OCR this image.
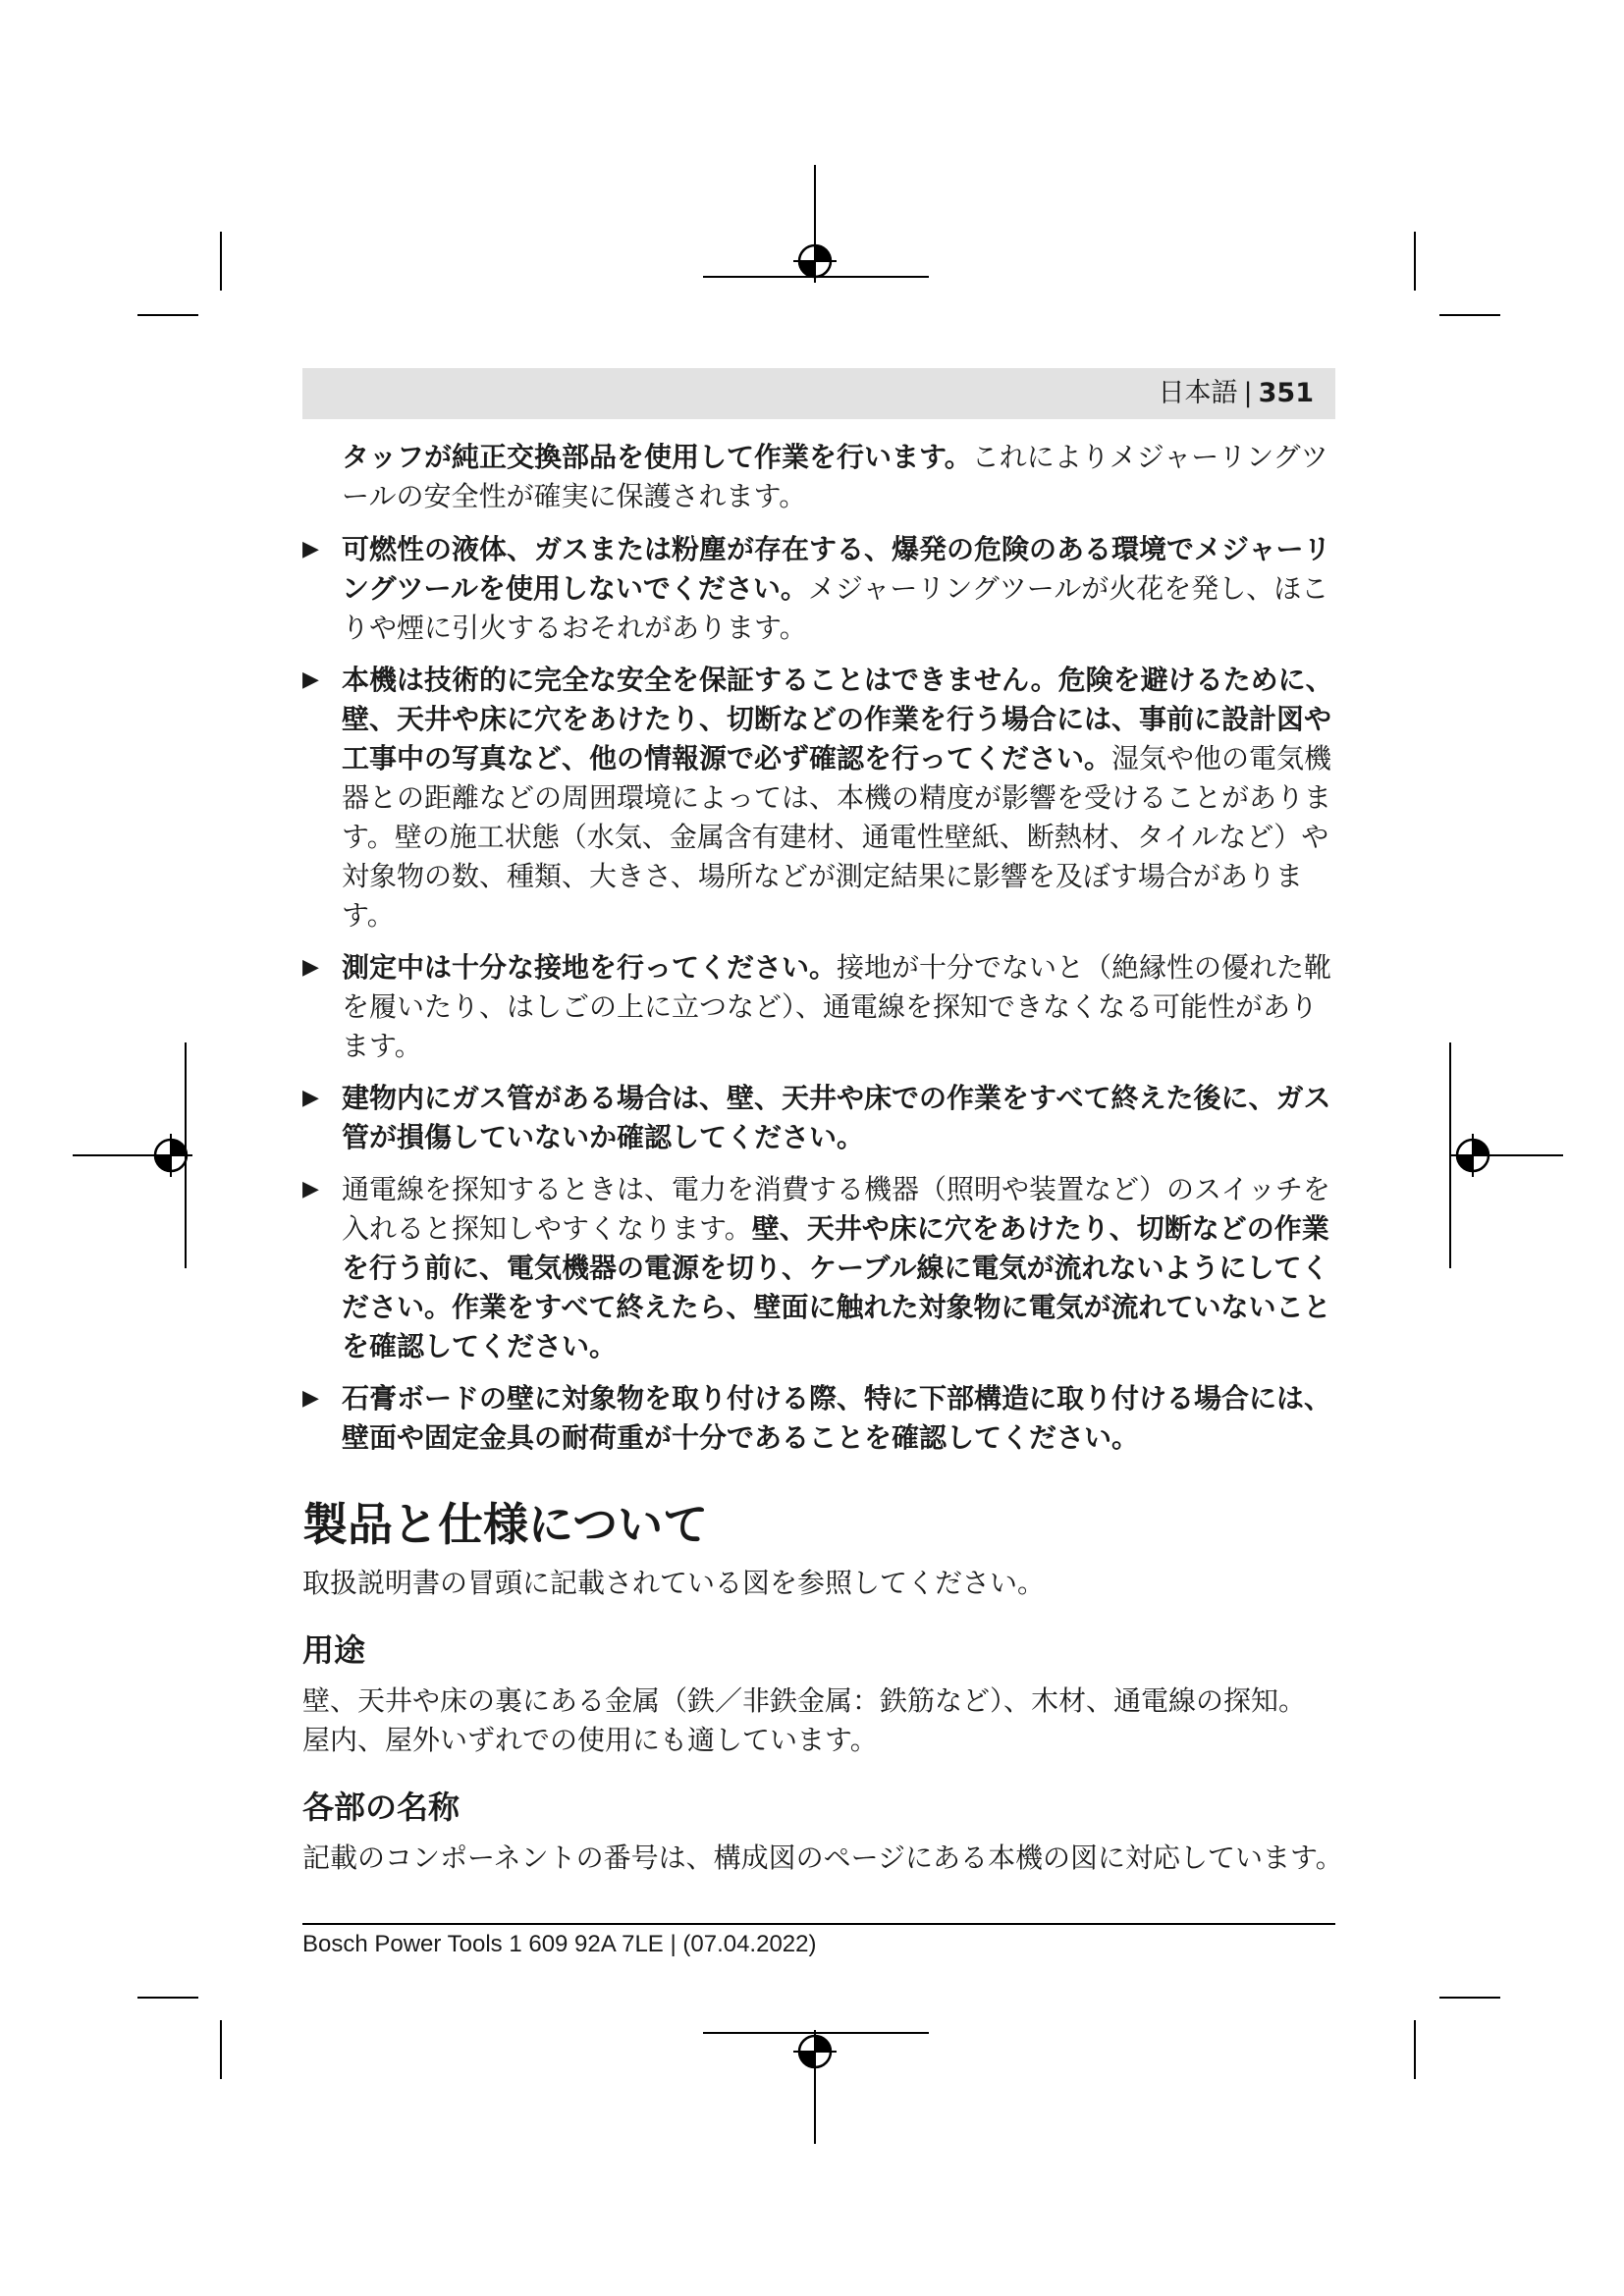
日本語 | 351

タッフが純正交換部品を使用して作業を行います。これによりメジャーリングツールの安全性が確実に保護されます。

▶ 可燃性の液体、ガスまたは粉塵が存在する、爆発の危険のある環境でメジャーリングツールを使用しないでください。メジャーリングツールが火花を発し、ほこりや煙に引火するおそれがあります。
▶ 本機は技術的に完全な安全を保証することはできません。危険を避けるために、壁、天井や床に穴をあけたり、切断などの作業を行う場合には、事前に設計図や工事中の写真など、他の情報源で必ず確認を行ってください。湿気や他の電気機器との距離などの周囲環境によっては、本機の精度が影響を受けることがあります。壁の施工状態（水気、金属含有建材、通電性壁紙、断熱材、タイルなど）や対象物の数、種類、大きさ、場所などが測定結果に影響を及ぼす場合があります。
▶ 測定中は十分な接地を行ってください。接地が十分でないと（絶縁性の優れた靴を履いたり、はしごの上に立つなど）、通電線を探知できなくなる可能性があります。
▶ 建物内にガス管がある場合は、壁、天井や床での作業をすべて終えた後に、ガス管が損傷していないか確認してください。
▶ 通電線を探知するときは、電力を消費する機器（照明や装置など）のスイッチを入れると探知しやすくなります。壁、天井や床に穴をあけたり、切断などの作業を行う前に、電気機器の電源を切り、ケーブル線に電気が流れないようにしてください。作業をすべて終えたら、壁面に触れた対象物に電気が流れていないことを確認してください。
▶ 石膏ボードの壁に対象物を取り付ける際、特に下部構造に取り付ける場合には、壁面や固定金具の耐荷重が十分であることを確認してください。
製品と仕様について

取扱説明書の冒頭に記載されている図を参照してください。

用途

壁、天井や床の裏にある金属（鉄／非鉄金属：鉄筋など）、木材、通電線の探知。

屋内、屋外いずれでの使用にも適しています。

各部の名称

記載のコンポーネントの番号は、構成図のページにある本機の図に対応しています。

Bosch Power Tools 1 609 92A 7LE | (07.04.2022)
